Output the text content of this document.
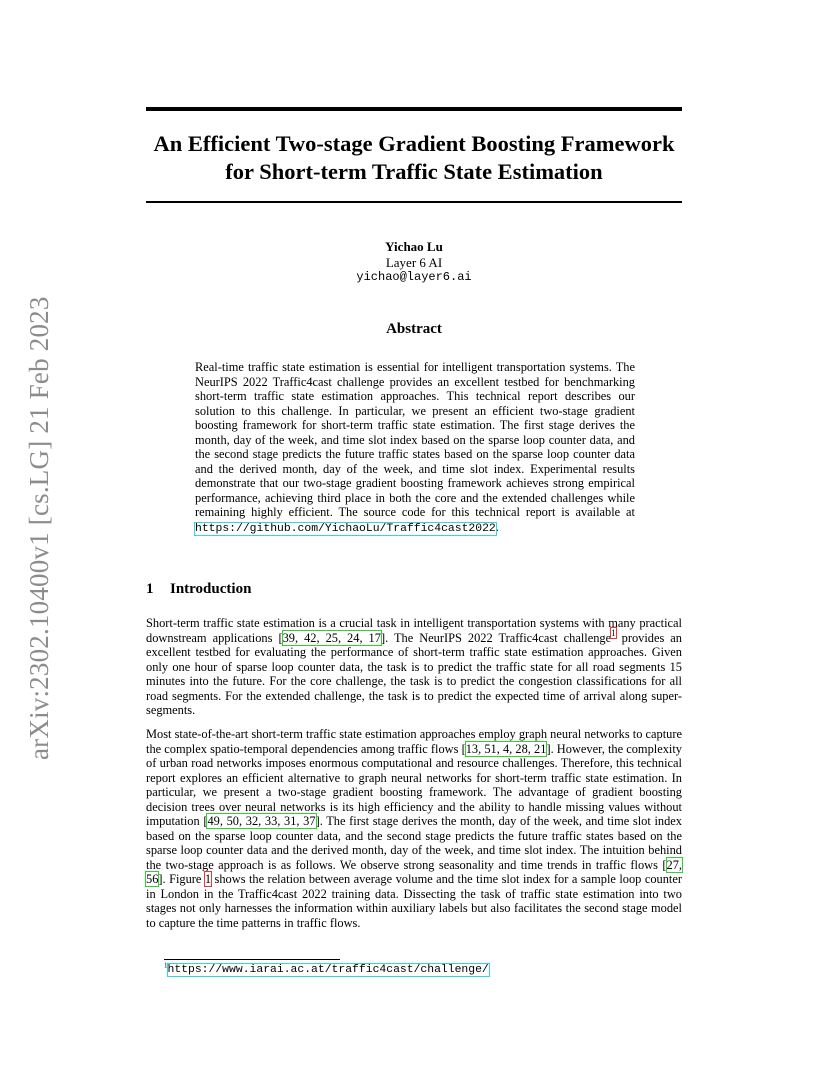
arXiv:2302.10400v1 [cs.LG] 21 Feb 2023
An Efficient Two-stage Gradient Boosting Framework
for Short-term Traffic State Estimation
Yichao Lu
Layer 6 AI
yichao@layer6.ai
Abstract
Real-time traffic state estimation is essential for intelligent transportation systems. The NeurIPS 2022 Traffic4cast challenge provides an excellent testbed for benchmarking short-term traffic state estimation approaches. This technical report describes our solution to this challenge. In particular, we present an efficient two-stage gradient boosting framework for short-term traffic state estimation. The first stage derives the month, day of the week, and time slot index based on the sparse loop counter data, and the second stage predicts the future traffic states based on the sparse loop counter data and the derived month, day of the week, and time slot index. Experimental results demonstrate that our two-stage gradient boosting framework achieves strong empirical performance, achieving third place in both the core and the extended challenges while remaining highly efficient. The source code for this technical report is available at https://github.com/YichaoLu/Traffic4cast2022.
1 Introduction
Short-term traffic state estimation is a crucial task in intelligent transportation systems with many practical downstream applications [39, 42, 25, 24, 17]. The NeurIPS 2022 Traffic4cast challenge$^1$ provides an excellent testbed for evaluating the performance of short-term traffic state estimation approaches. Given only one hour of sparse loop counter data, the task is to predict the traffic state for all road segments 15 minutes into the future. For the core challenge, the task is to predict the congestion classifications for all road segments. For the extended challenge, the task is to predict the expected time of arrival along super-segments.
Most state-of-the-art short-term traffic state estimation approaches employ graph neural networks to capture the complex spatio-temporal dependencies among traffic flows [13, 51, 4, 28, 21]. However, the complexity of urban road networks imposes enormous computational and resource challenges. Therefore, this technical report explores an efficient alternative to graph neural networks for short-term traffic state estimation. In particular, we present a two-stage gradient boosting framework. The advantage of gradient boosting decision trees over neural networks is its high efficiency and the ability to handle missing values without imputation [49, 50, 32, 33, 31, 37]. The first stage derives the month, day of the week, and time slot index based on the sparse loop counter data, and the second stage predicts the future traffic states based on the sparse loop counter data and the derived month, day of the week, and time slot index. The intuition behind the two-stage approach is as follows. We observe strong seasonality and time trends in traffic flows [27, 56]. Figure 1 shows the relation between average volume and the time slot index for a sample loop counter in London in the Traffic4cast 2022 training data. Dissecting the task of traffic state estimation into two stages not only harnesses the information within auxiliary labels but also facilitates the second stage model to capture the time patterns in traffic flows.
$^1$https://www.iarai.ac.at/traffic4cast/challenge/
